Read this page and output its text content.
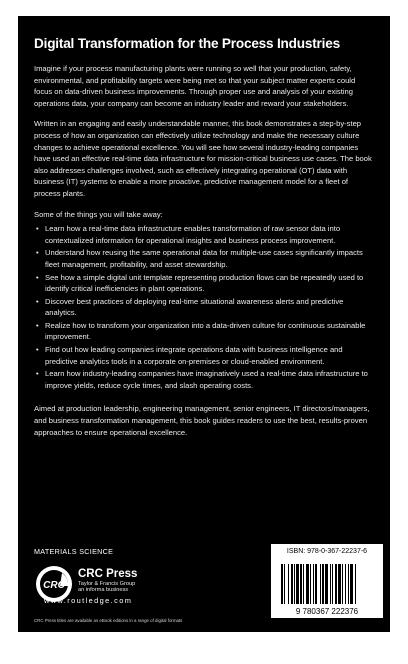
Digital Transformation for the Process Industries

Imagine if your process manufacturing plants were running so well that your production, safety, environmental, and profitability targets were being met so that your subject matter experts could focus on data-driven business improvements. Through proper use and analysis of your existing operations data, your company can become an industry leader and reward your stakeholders.

Written in an engaging and easily understandable manner, this book demonstrates a step-by-step process of how an organization can effectively utilize technology and make the necessary culture changes to achieve operational excellence. You will see how several industry-leading companies have used an effective real-time data infrastructure for mission-critical business use cases. The book also addresses challenges involved, such as effectively integrating operational (OT) data with business (IT) systems to enable a more proactive, predictive management model for a fleet of process plants.

Some of the things you will take away:

• Learn how a real-time data infrastructure enables transformation of raw sensor data into contextualized information for operational insights and business process improvement.
• Understand how reusing the same operational data for multiple-use cases significantly impacts fleet management, profitability, and asset stewardship.
• See how a simple digital unit template representing production flows can be repeatedly used to identify critical inefficiencies in plant operations.
• Discover best practices of deploying real-time situational awareness alerts and predictive analytics.
• Realize how to transform your organization into a data-driven culture for continuous sustainable improvement.
• Find out how leading companies integrate operations data with business intelligence and predictive analytics tools in a corporate on-premises or cloud-enabled environment.
• Learn how industry-leading companies have imaginatively used a real-time data infrastructure to improve yields, reduce cycle times, and slash operating costs.

Aimed at production leadership, engineering management, senior engineers, IT directors/managers, and business transformation management, this book guides readers to use the best, results-proven approaches to ensure operational excellence.

MATERIALS SCIENCE
CRC
CRC Press
Taylor & Francis Group
an informa business
www.routledge.com
CRC Press titles are available as eBook editions in a range of digital formats
ISBN: 978-0-367-22237-6
9 780367 222376
